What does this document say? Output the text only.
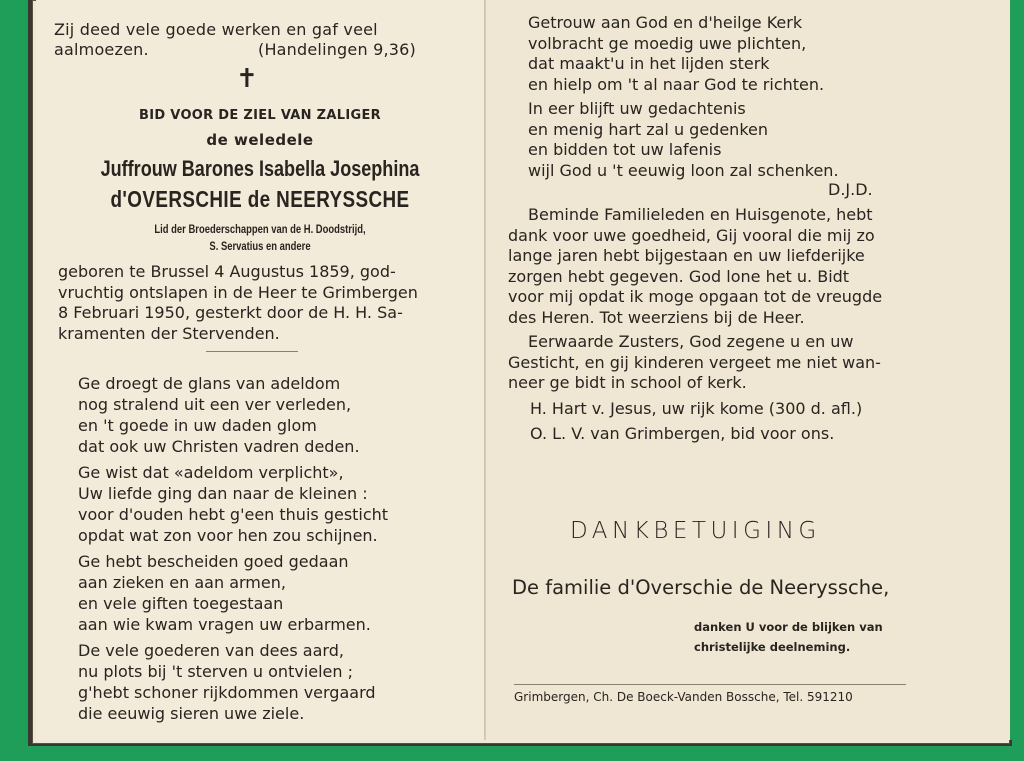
Zij deed vele goede werken en gaf veel
aalmoezen.	(Handelingen 9,36)
✝
BID VOOR DE ZIEL VAN ZALIGER
de weledele
Juffrouw Barones Isabella Josephina
d'OVERSCHIE de NEERYSSCHE
Lid der Broederschappen van de H. Doodstrijd,
S. Servatius en andere
geboren te Brussel 4 Augustus 1859, god-
vruchtig ontslapen in de Heer te Grimbergen
8 Februari 1950, gesterkt door de H. H. Sa-
kramenten der Stervenden.
Ge droegt de glans van adeldom
nog stralend uit een ver verleden,
en 't goede in uw daden glom
dat ook uw Christen vadren deden.
Ge wist dat «adeldom verplicht»,
Uw liefde ging dan naar de kleinen :
voor d'ouden hebt g'een thuis gesticht
opdat wat zon voor hen zou schijnen.
Ge hebt bescheiden goed gedaan
aan zieken en aan armen,
en vele giften toegestaan
aan wie kwam vragen uw erbarmen.
De vele goederen van dees aard,
nu plots bij 't sterven u ontvielen ;
g'hebt schoner rijkdommen vergaard
die eeuwig sieren uwe ziele.
Getrouw aan God en d'heilge Kerk
volbracht ge moedig uwe plichten,
dat maakt'u in het lijden sterk
en hielp om 't al naar God te richten.
In eer blijft uw gedachtenis
en menig hart zal u gedenken
en bidden tot uw lafenis
wijl God u 't eeuwig loon zal schenken.
D.J.D.
Beminde Familieleden en Huisgenote, hebt
dank voor uwe goedheid, Gij vooral die mij zo
lange jaren hebt bijgestaan en uw liefderijke
zorgen hebt gegeven. God lone het u. Bidt
voor mij opdat ik moge opgaan tot de vreugde
des Heren. Tot weerziens bij de Heer.
Eerwaarde Zusters, God zegene u en uw
Gesticht, en gij kinderen vergeet me niet wan-
neer ge bidt in school of kerk.
H. Hart v. Jesus, uw rijk kome (300 d. afl.)
O. L. V. van Grimbergen, bid voor ons.
DANKBETUIGING
De familie d'Overschie de Neeryssche,
danken U voor de blijken van
christelijke deelneming.
Grimbergen, Ch. De Boeck-Vanden Bossche, Tel. 591210
